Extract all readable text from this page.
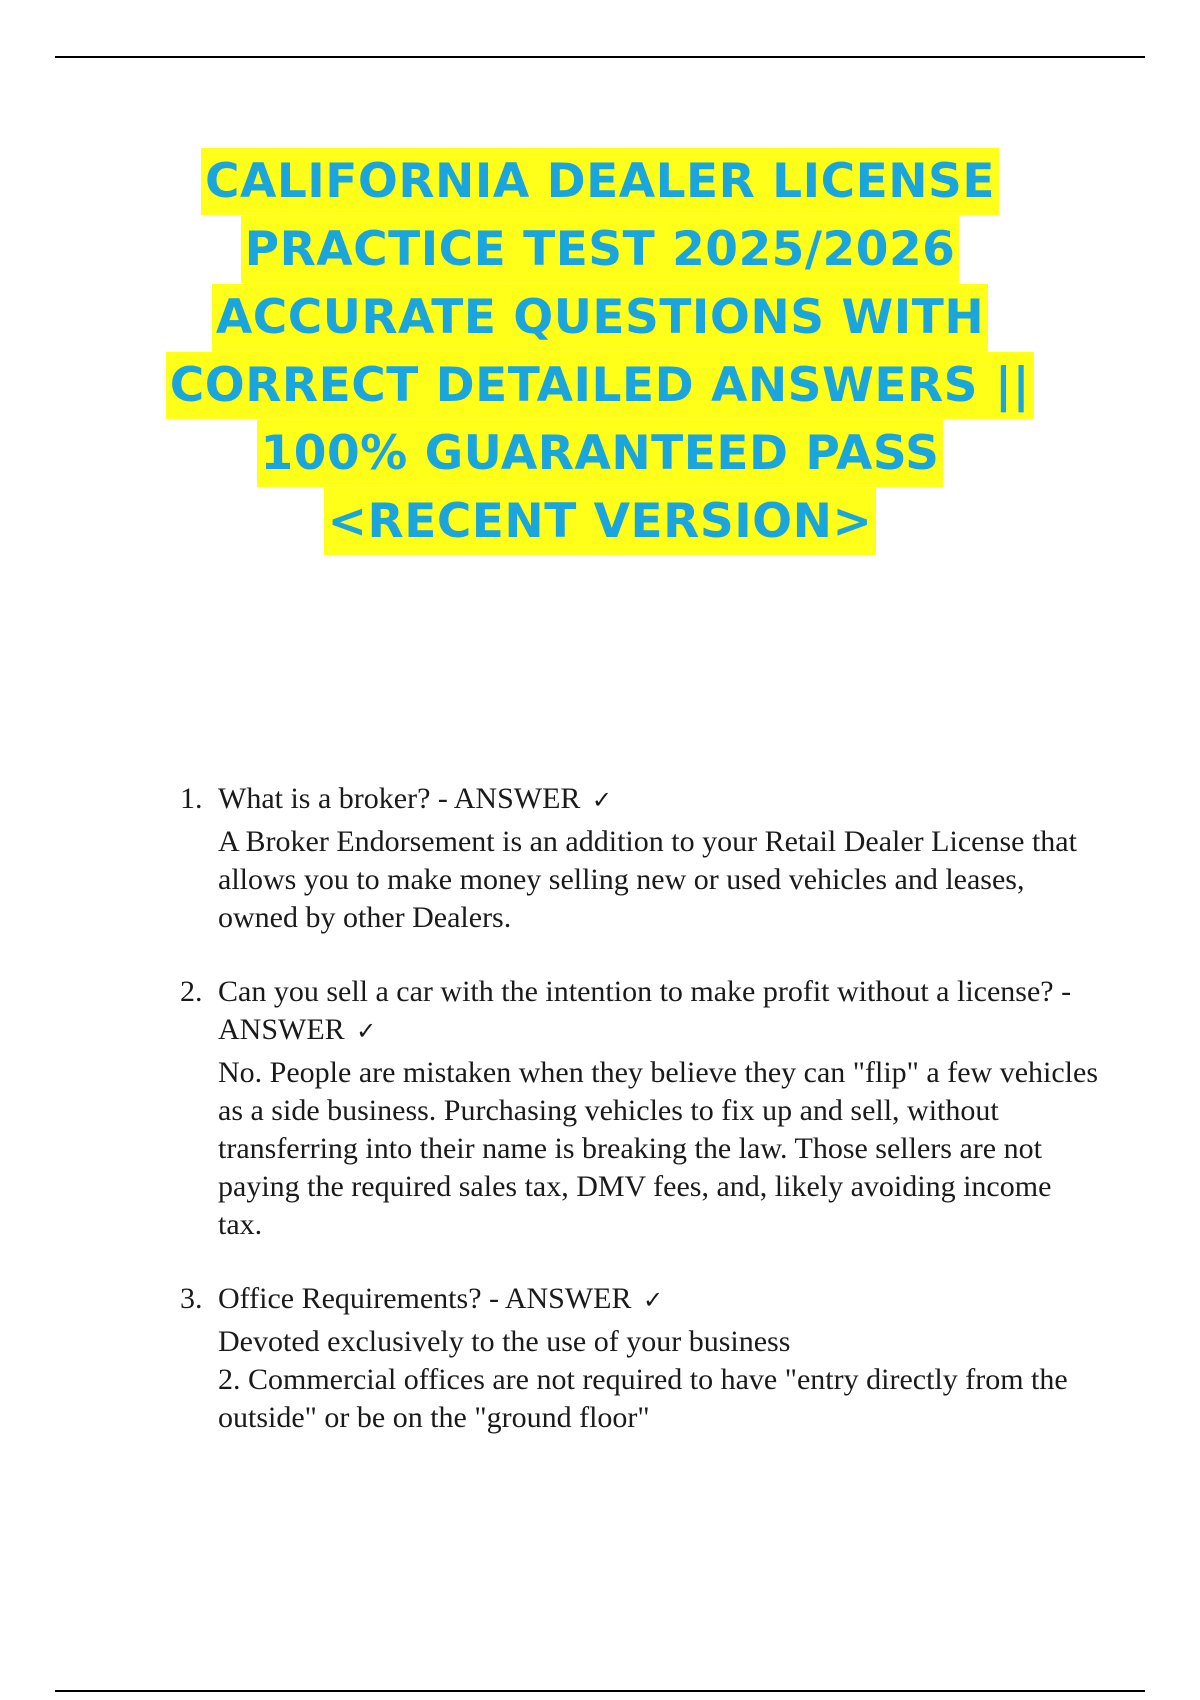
CALIFORNIA DEALER LICENSE
PRACTICE TEST 2025/2026
ACCURATE QUESTIONS WITH
CORRECT DETAILED ANSWERS ||
100% GUARANTEED PASS
<RECENT VERSION>
1. What is a broker? - ANSWER ✓
A Broker Endorsement is an addition to your Retail Dealer License that allows you to make money selling new or used vehicles and leases, owned by other Dealers.
2. Can you sell a car with the intention to make profit without a license? - ANSWER ✓
No. People are mistaken when they believe they can "flip" a few vehicles as a side business. Purchasing vehicles to fix up and sell, without transferring into their name is breaking the law. Those sellers are not paying the required sales tax, DMV fees, and, likely avoiding income tax.
3. Office Requirements? - ANSWER ✓
Devoted exclusively to the use of your business
2. Commercial offices are not required to have "entry directly from the outside" or be on the "ground floor"
